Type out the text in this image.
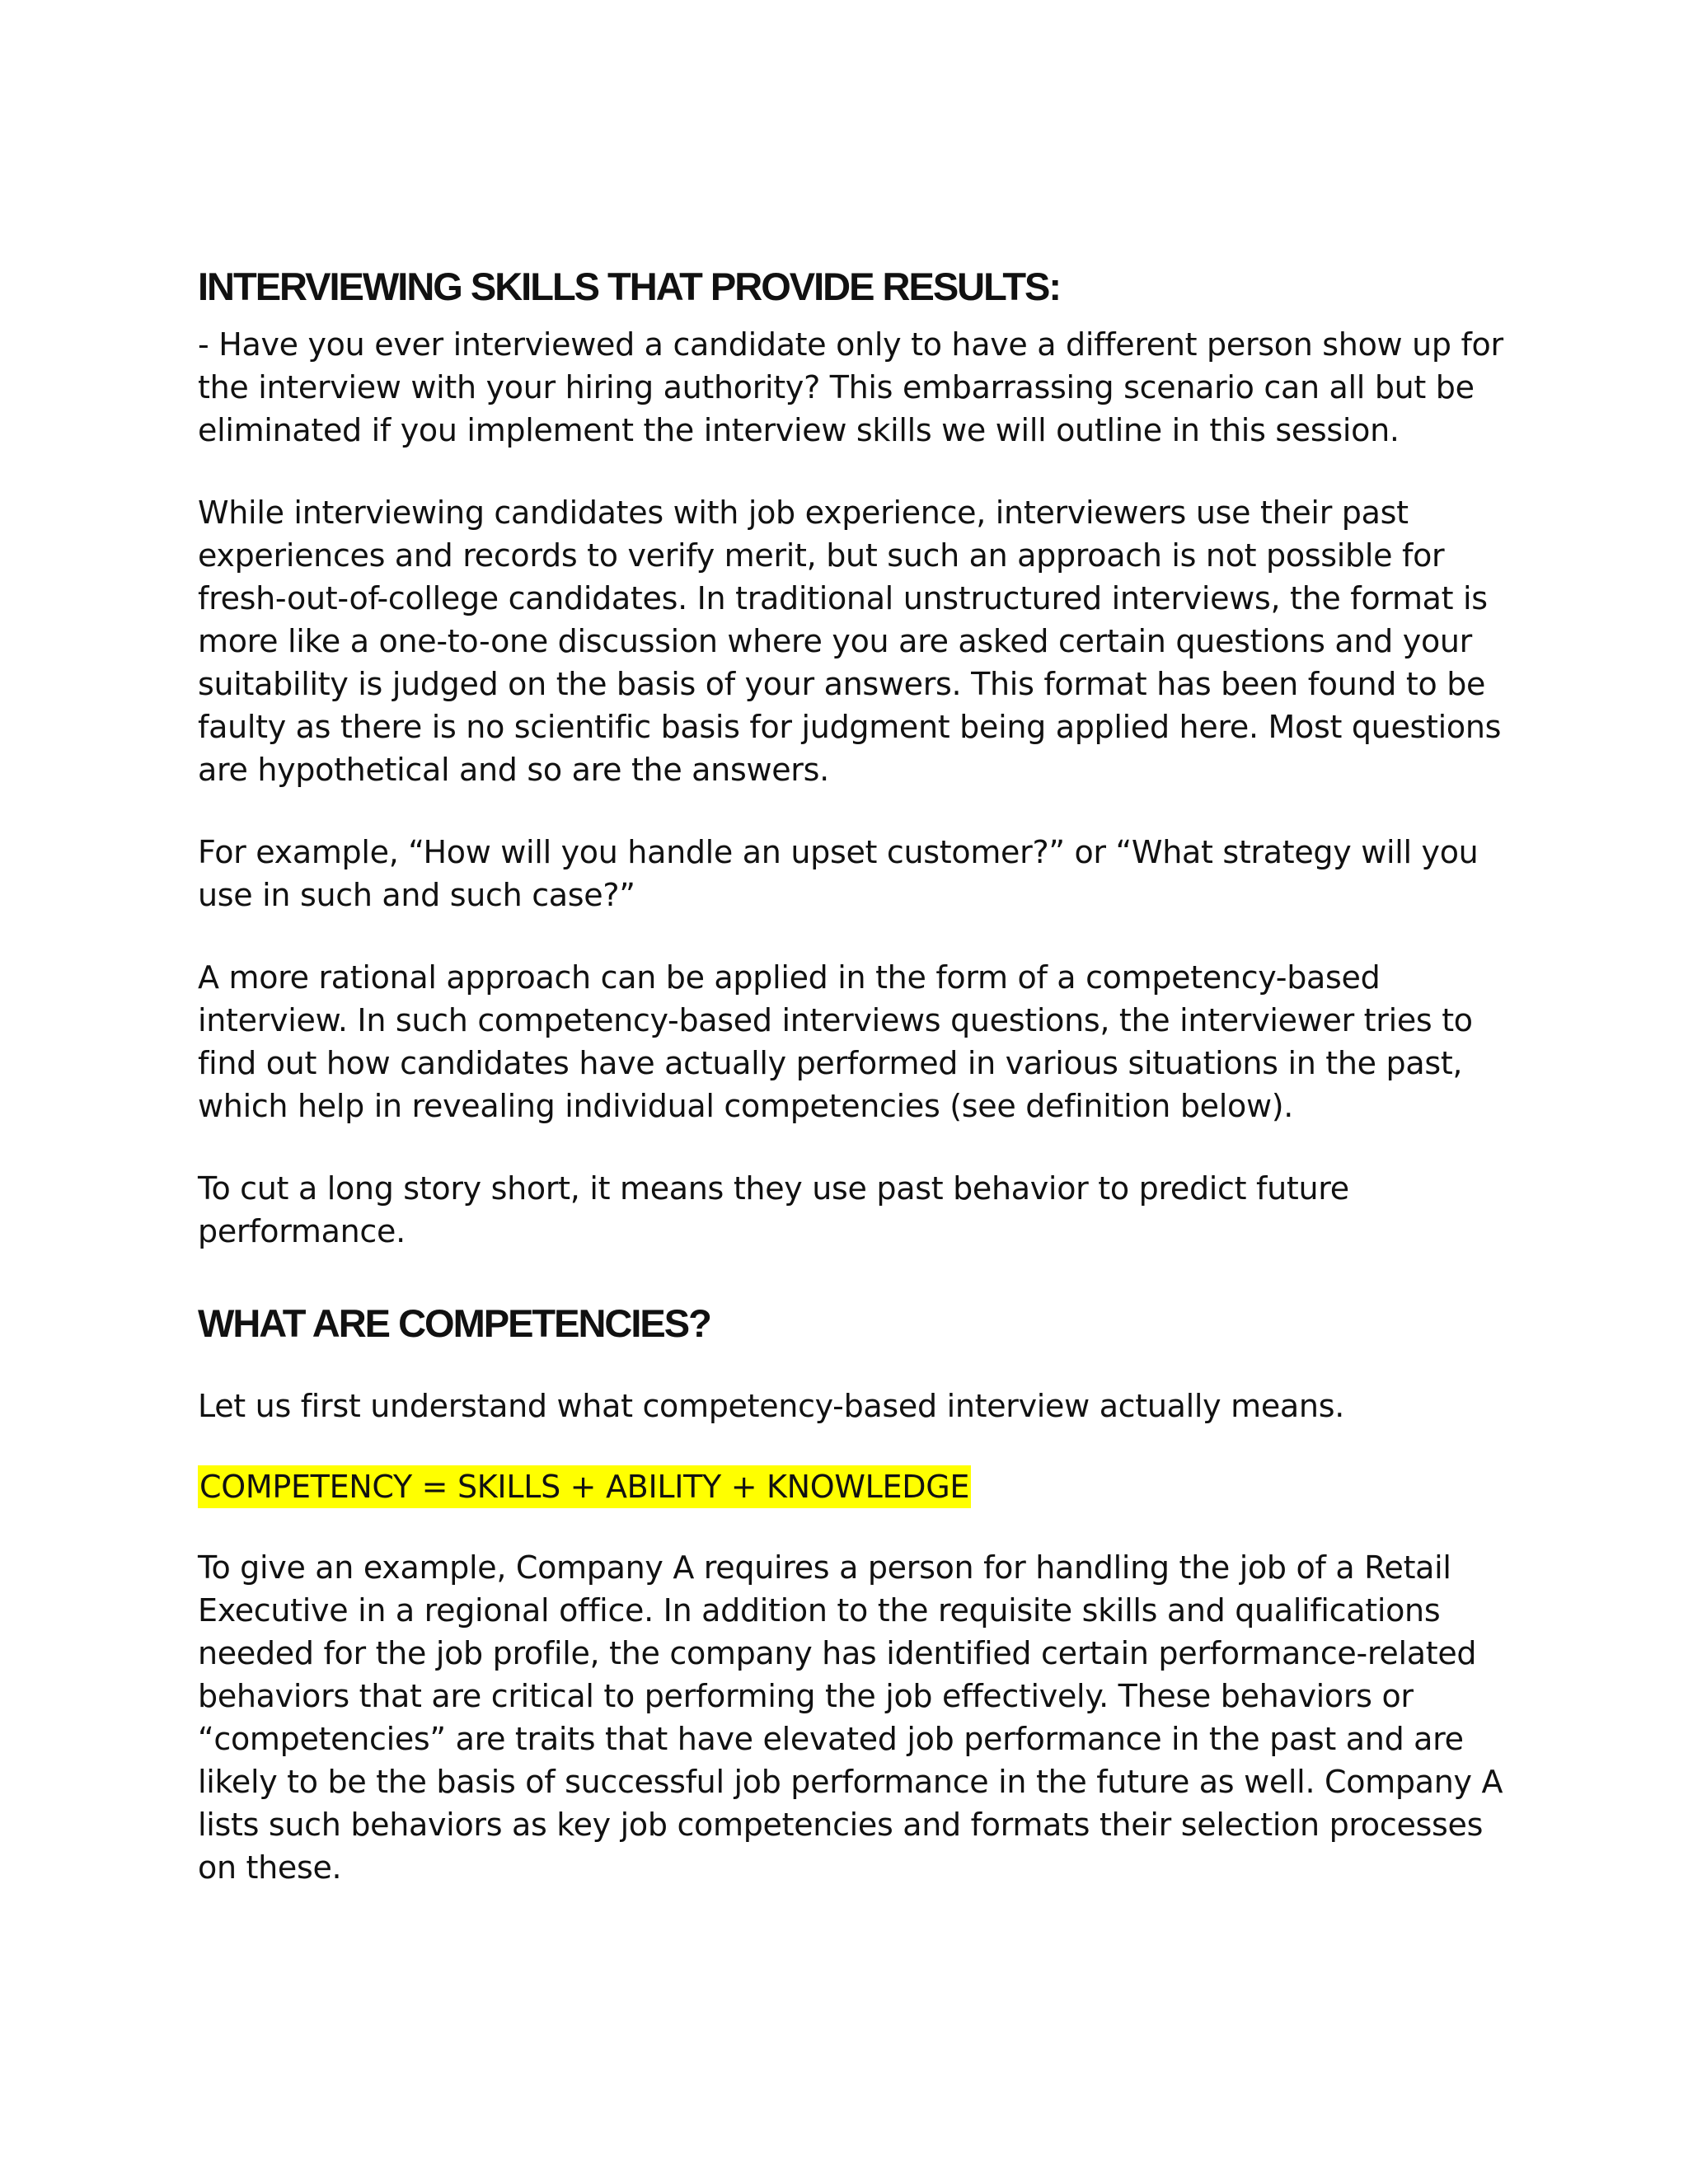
INTERVIEWING SKILLS THAT PROVIDE RESULTS:

- Have you ever interviewed a candidate only to have a different person show up for the interview with your hiring authority? This embarrassing scenario can all but be eliminated if you implement the interview skills we will outline in this session.

While interviewing candidates with job experience, interviewers use their past experiences and records to verify merit, but such an approach is not possible for fresh-out-of-college candidates. In traditional unstructured interviews, the format is more like a one-to-one discussion where you are asked certain questions and your suitability is judged on the basis of your answers. This format has been found to be faulty as there is no scientific basis for judgment being applied here. Most questions are hypothetical and so are the answers.

For example, “How will you handle an upset customer?” or “What strategy will you use in such and such case?”

A more rational approach can be applied in the form of a competency-based interview. In such competency-based interviews questions, the interviewer tries to find out how candidates have actually performed in various situations in the past, which help in revealing individual competencies (see definition below).

To cut a long story short, it means they use past behavior to predict future performance.

WHAT ARE COMPETENCIES?

Let us first understand what competency-based interview actually means.

COMPETENCY = SKILLS + ABILITY + KNOWLEDGE

To give an example, Company A requires a person for handling the job of a Retail Executive in a regional office. In addition to the requisite skills and qualifications needed for the job profile, the company has identified certain performance-related behaviors that are critical to performing the job effectively. These behaviors or “competencies” are traits that have elevated job performance in the past and are likely to be the basis of successful job performance in the future as well. Company A lists such behaviors as key job competencies and formats their selection processes on these.
